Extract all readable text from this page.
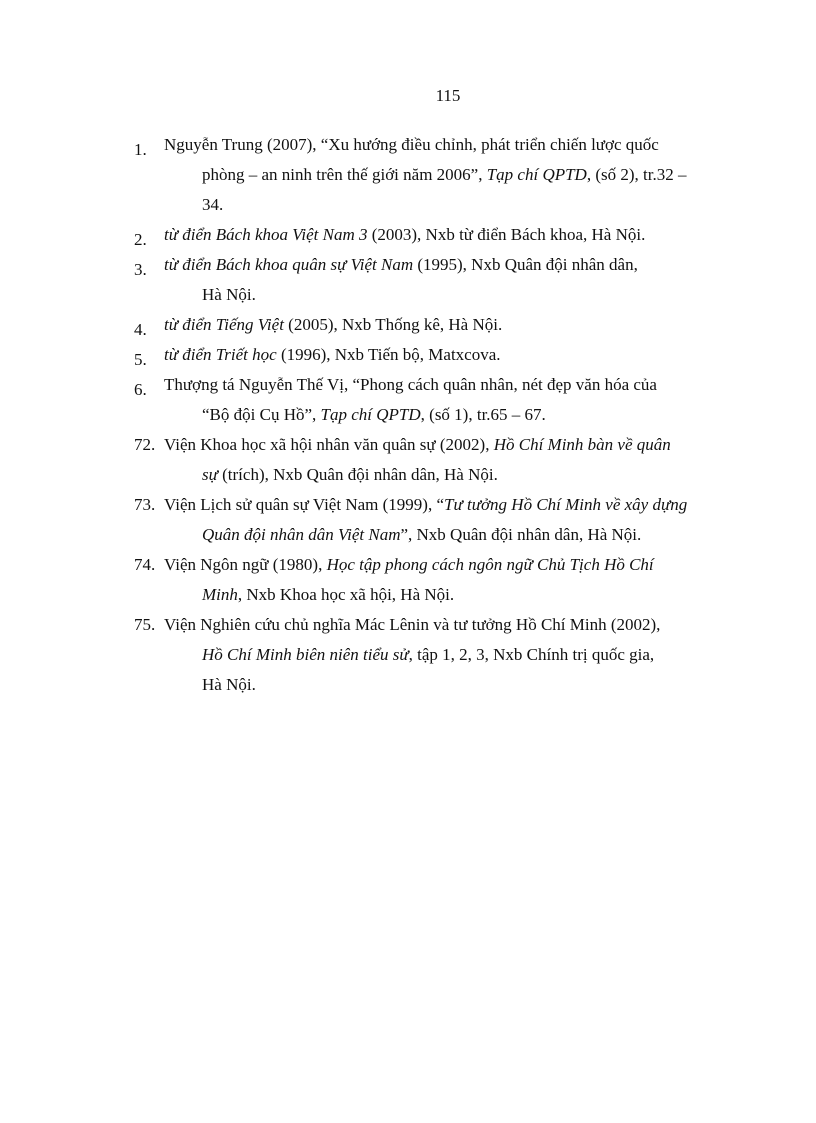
115
1. Nguyễn Trung (2007), “Xu hướng điều chỉnh, phát triển chiến lược quốc
phòng – an ninh trên thế giới năm 2006”, Tạp chí QPTD, (số 2), tr.32 –
34.
2. từ điển Bách khoa Việt Nam 3 (2003), Nxb từ điển Bách khoa, Hà Nội.
3. từ điển Bách khoa quân sự Việt Nam (1995), Nxb Quân đội nhân dân,
Hà Nội.
4. từ điển Tiếng Việt (2005), Nxb Thống kê, Hà Nội.
5. từ điển Triết học (1996), Nxb Tiến bộ, Matxcova.
6. Thượng tá Nguyễn Thế Vị, “Phong cách quân nhân, nét đẹp văn hóa của
“Bộ đội Cụ Hồ”, Tạp chí QPTD, (số 1), tr.65 – 67.
72. Viện Khoa học xã hội nhân văn quân sự (2002), Hồ Chí Minh bàn về quân
sự (trích), Nxb Quân đội nhân dân, Hà Nội.
73. Viện Lịch sử quân sự Việt Nam (1999), “Tư tưởng Hồ Chí Minh về xây dựng
Quân đội nhân dân Việt Nam”, Nxb Quân đội nhân dân, Hà Nội.
74. Viện Ngôn ngữ (1980), Học tập phong cách ngôn ngữ Chủ Tịch Hồ Chí
Minh, Nxb Khoa học xã hội, Hà Nội.
75. Viện Nghiên cứu chủ nghĩa Mác Lênin và tư tưởng Hồ Chí Minh (2002),
Hồ Chí Minh biên niên tiểu sử, tập 1, 2, 3, Nxb Chính trị quốc gia,
Hà Nội.
